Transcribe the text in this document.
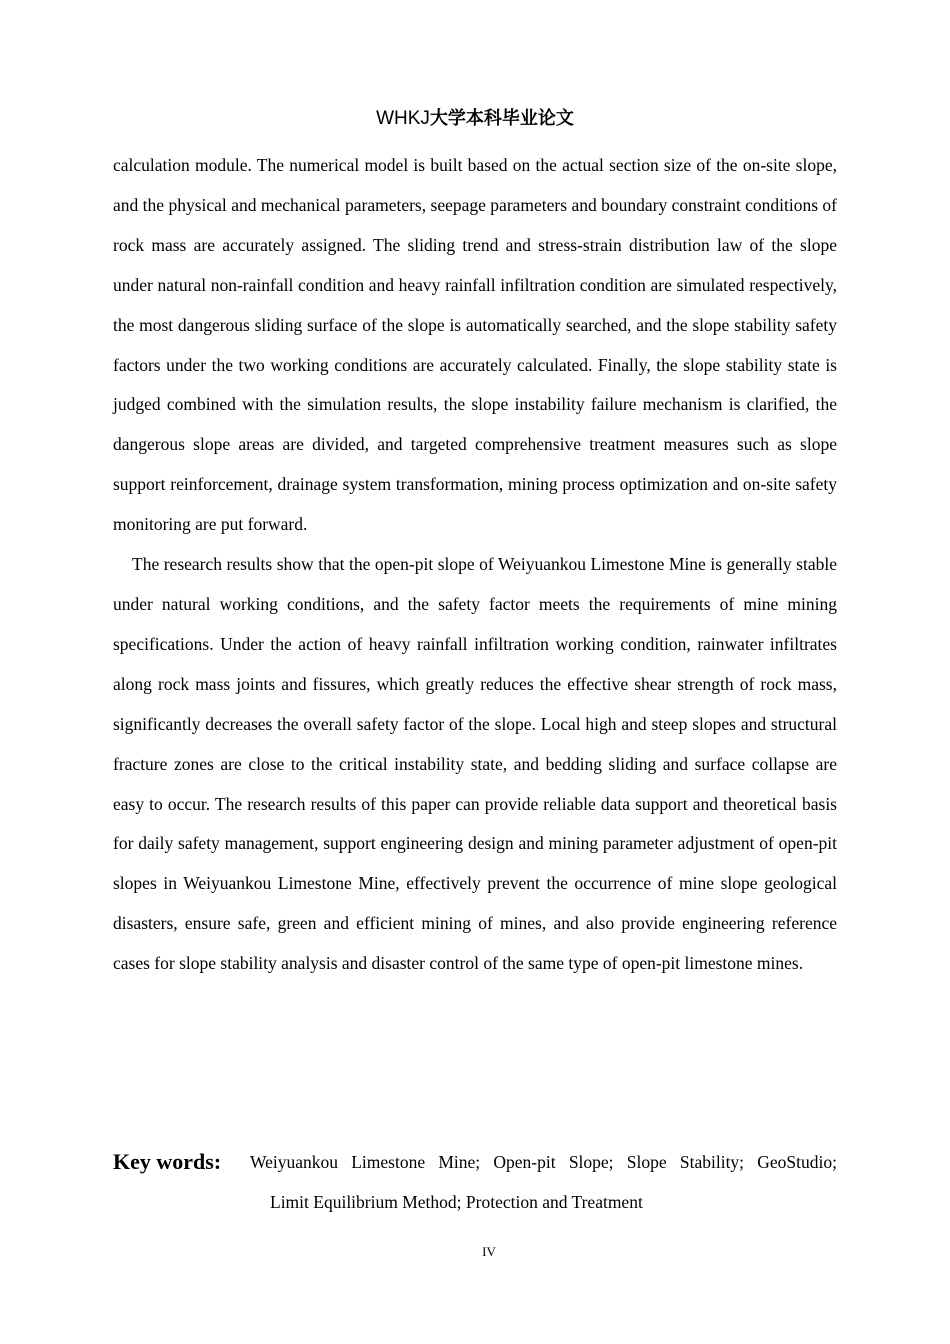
WHKJ大学本科毕业论文

calculation module. The numerical model is built based on the actual section size of the on-site slope, and the physical and mechanical parameters, seepage parameters and boundary constraint conditions of rock mass are accurately assigned. The sliding trend and stress-strain distribution law of the slope under natural non-rainfall condition and heavy rainfall infiltration condition are simulated respectively, the most dangerous sliding surface of the slope is automatically searched, and the slope stability safety factors under the two working conditions are accurately calculated. Finally, the slope stability state is judged combined with the simulation results, the slope instability failure mechanism is clarified, the dangerous slope areas are divided, and targeted comprehensive treatment measures such as slope support reinforcement, drainage system transformation, mining process optimization and on-site safety monitoring are put forward.

The research results show that the open-pit slope of Weiyuankou Limestone Mine is generally stable under natural working conditions, and the safety factor meets the requirements of mine mining specifications. Under the action of heavy rainfall infiltration working condition, rainwater infiltrates along rock mass joints and fissures, which greatly reduces the effective shear strength of rock mass, significantly decreases the overall safety factor of the slope. Local high and steep slopes and structural fracture zones are close to the critical instability state, and bedding sliding and surface collapse are easy to occur. The research results of this paper can provide reliable data support and theoretical basis for daily safety management, support engineering design and mining parameter adjustment of open-pit slopes in Weiyuankou Limestone Mine, effectively prevent the occurrence of mine slope geological disasters, ensure safe, green and efficient mining of mines, and also provide engineering reference cases for slope stability analysis and disaster control of the same type of open-pit limestone mines.

Key words: Weiyuankou Limestone Mine; Open-pit Slope; Slope Stability; GeoStudio;
Limit Equilibrium Method; Protection and Treatment
IV
